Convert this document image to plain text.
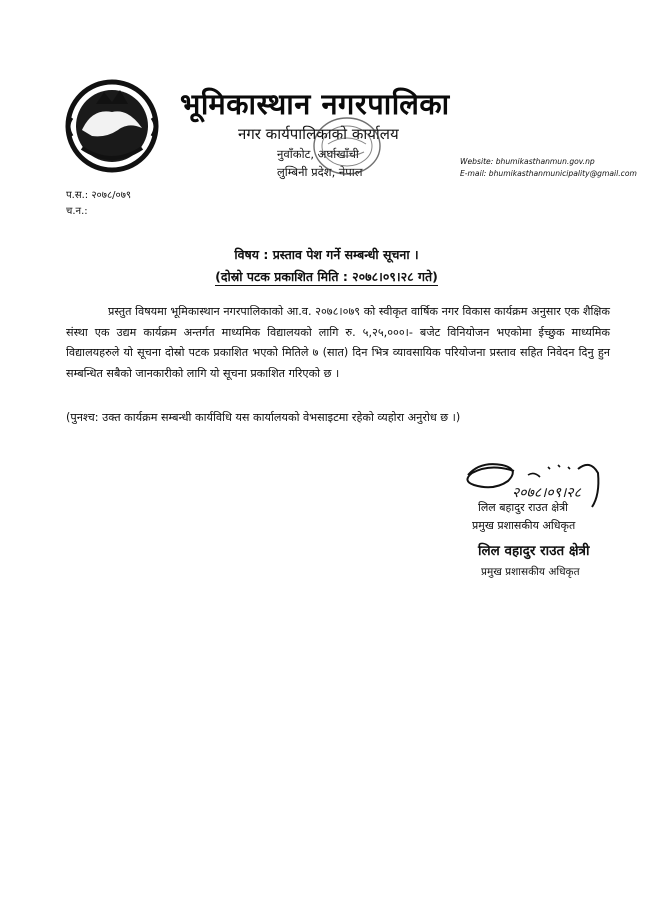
भूमिकास्थान नगरपालिका
नगर कार्यपालिकाको कार्यालय
नुवाँकोट, अर्घाखाँची
लुम्बिनी प्रदेश, नेपाल
Website: bhumikasthanmun.gov.np
E-mail: bhumikasthanmunicipality@gmail.com
प.स.: २०७८/०७९
च.न.:
विषय : प्रस्ताव पेश गर्ने सम्बन्धी सूचना ।
(दोस्रो पटक प्रकाशित मिति : २०७८।०९।२८ गते)
प्रस्तुत विषयमा भूमिकास्थान नगरपालिकाको आ.व. २०७८।०७९ को स्वीकृत वार्षिक नगर विकास कार्यक्रम अनुसार एक शैक्षिक संस्था एक उद्यम कार्यक्रम अन्तर्गत माध्यमिक विद्यालयको लागि रु. ५,२५,०००।- बजेट विनियोजन भएकोमा ईच्छुक माध्यमिक विद्यालयहरुले यो सूचना दोस्रो पटक प्रकाशित भएको मितिले ७ (सात) दिन भित्र व्यावसायिक परियोजना प्रस्ताव सहित निवेदन दिनु हुन सम्बन्धित सबैको जानकारीको लागि यो सूचना प्रकाशित गरिएको छ ।
(पुनश्च: उक्त कार्यक्रम सम्बन्धी कार्यविधि यस कार्यालयको वेभसाइटमा रहेको व्यहोरा अनुरोध छ ।)
२०७८।०९।२८
लिल बहादुर राउत क्षेत्री
प्रमुख प्रशासकीय अधिकृत
लिल वहादुर राउत क्षेत्री
प्रमुख प्रशासकीय अधिकृत
